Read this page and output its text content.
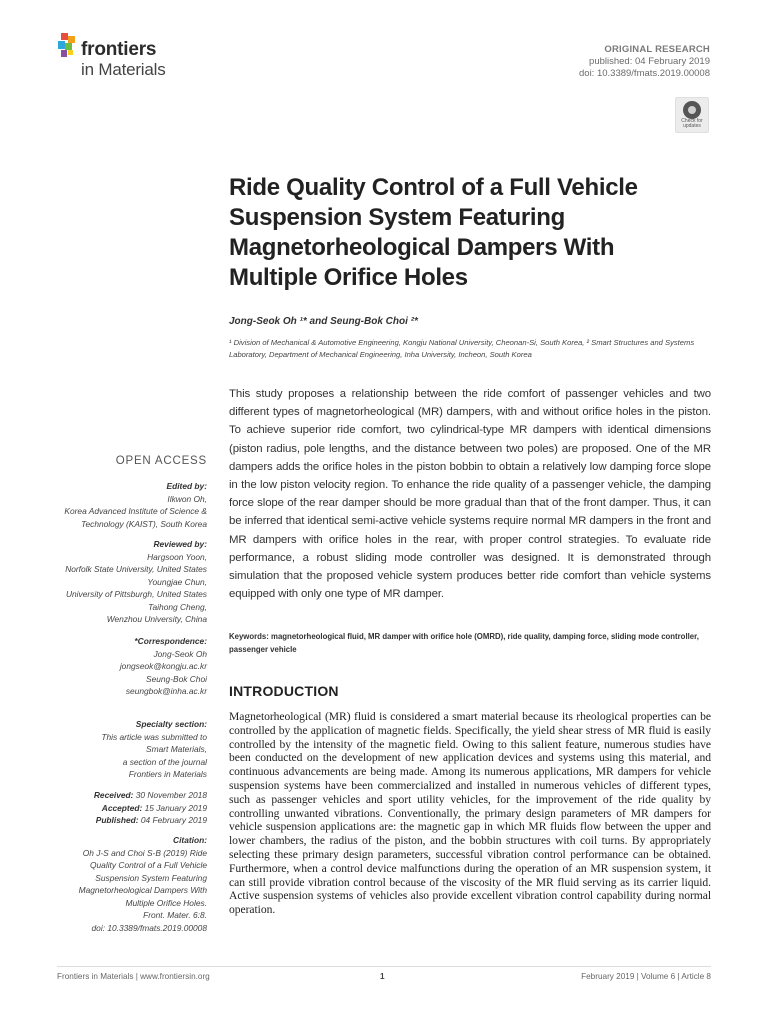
frontiers
in Materials
ORIGINAL RESEARCH
published: 04 February 2019
doi: 10.3389/fmats.2019.00008
Check for updates
Ride Quality Control of a Full Vehicle Suspension System Featuring Magnetorheological Dampers With Multiple Orifice Holes
Jong-Seok Oh ¹* and Seung-Bok Choi ²*
¹ Division of Mechanical & Automotive Engineering, Kongju National University, Cheonan-Si, South Korea, ² Smart Structures and Systems Laboratory, Department of Mechanical Engineering, Inha University, Incheon, South Korea
This study proposes a relationship between the ride comfort of passenger vehicles and two different types of magnetorheological (MR) dampers, with and without orifice holes in the piston. To achieve superior ride comfort, two cylindrical-type MR dampers with identical dimensions (piston radius, pole lengths, and the distance between two poles) are proposed. One of the MR dampers adds the orifice holes in the piston bobbin to obtain a relatively low damping force slope in the low piston velocity region. To enhance the ride quality of a passenger vehicle, the damping force slope of the rear damper should be more gradual than that of the front damper. Thus, it can be inferred that identical semi-active vehicle systems require normal MR dampers in the front and MR dampers with orifice holes in the rear, with proper control strategies. To evaluate ride performance, a robust sliding mode controller was designed. It is demonstrated through simulation that the proposed vehicle system produces better ride comfort than vehicle systems equipped with only one type of MR damper.
Keywords: magnetorheological fluid, MR damper with orifice hole (OMRD), ride quality, damping force, sliding mode controller, passenger vehicle
INTRODUCTION
Magnetorheological (MR) fluid is considered a smart material because its rheological properties can be controlled by the application of magnetic fields. Specifically, the yield shear stress of MR fluid is easily controlled by the intensity of the magnetic field. Owing to this salient feature, numerous studies have been conducted on the development of new application devices and systems using this material, and continuous advancements are being made. Among its numerous applications, MR dampers for vehicle suspension systems have been commercialized and installed in numerous vehicles of different types, such as passenger vehicles and sport utility vehicles, for the improvement of the ride quality by controlling unwanted vibrations. Conventionally, the primary design parameters of MR dampers for vehicle suspension applications are: the magnetic gap in which MR fluids flow between the upper and lower chambers, the radius of the piston, and the bobbin structures with coil turns. By appropriately selecting these primary design parameters, successful vibration control performance can be obtained. Furthermore, when a control device malfunctions during the operation of an MR suspension system, it can still provide vibration control because of the viscosity of the MR fluid serving as its carrier liquid. Active suspension systems of vehicles also provide excellent vibration control capability during normal operation.
OPEN ACCESS
Edited by:
Ilkwon Oh,
Korea Advanced Institute of Science &
Technology (KAIST), South Korea
Reviewed by:
Hargsoon Yoon,
Norfolk State University, United States
Youngjae Chun,
University of Pittsburgh, United States
Taihong Cheng,
Wenzhou University, China
*Correspondence:
Jong-Seok Oh
jongseok@kongju.ac.kr
Seung-Bok Choi
seungbok@inha.ac.kr
Specialty section:
This article was submitted to
Smart Materials,
a section of the journal
Frontiers in Materials
Received: 30 November 2018
Accepted: 15 January 2019
Published: 04 February 2019
Citation:
Oh J-S and Choi S-B (2019) Ride
Quality Control of a Full Vehicle
Suspension System Featuring
Magnetorheological Dampers With
Multiple Orifice Holes.
Front. Mater. 6:8.
doi: 10.3389/fmats.2019.00008
Frontiers in Materials | www.frontiersin.org	1	February 2019 | Volume 6 | Article 8
